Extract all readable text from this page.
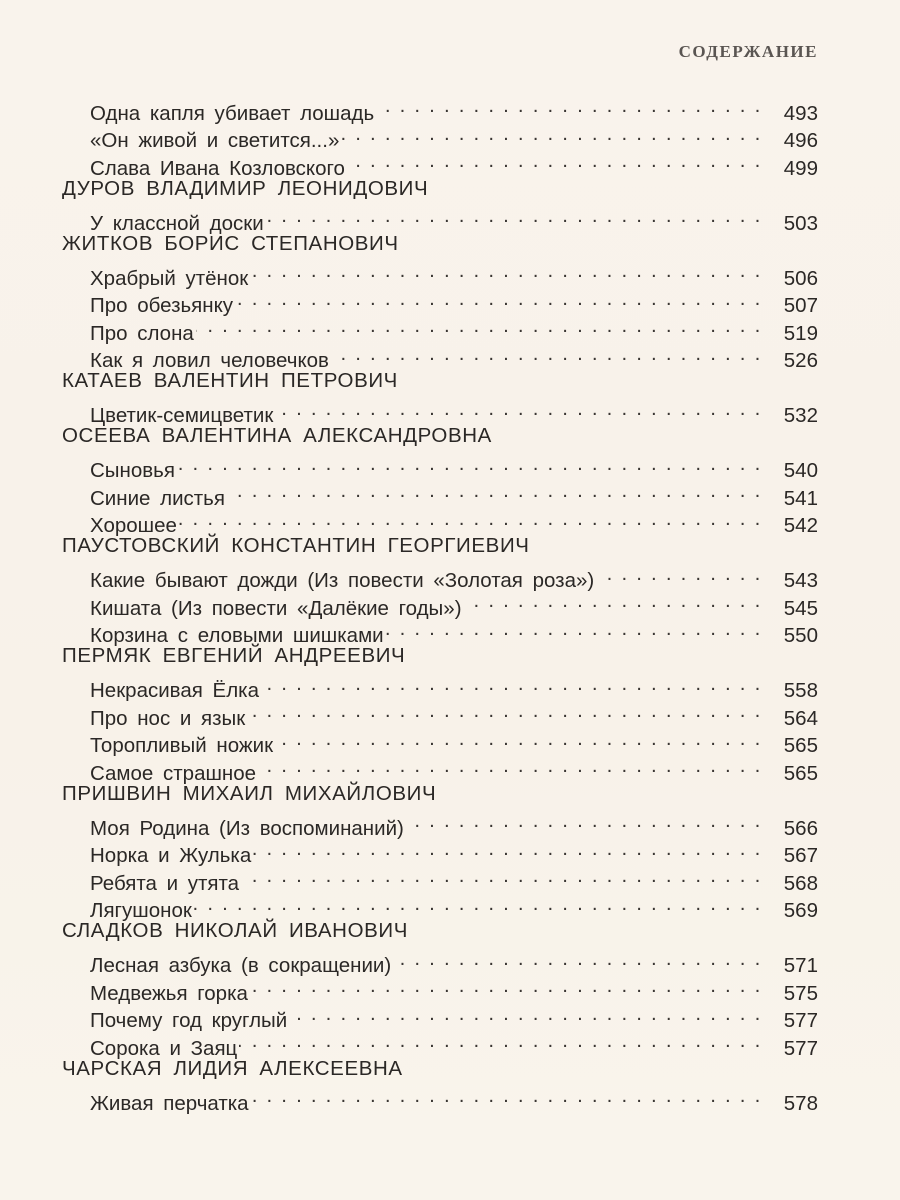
СОДЕРЖАНИЕ
Одна капля убивает лошадь . . .	493
«Он живой и светится...» . . .	496
Слава Ивана Козловского . . .	499
ДУРОВ ВЛАДИМИР ЛЕОНИДОВИЧ
У классной доски . . .	503
ЖИТКОВ БОРИС СТЕПАНОВИЧ
Храбрый утёнок . . .	506
Про обезьянку . . .	507
Про слона . . .	519
Как я ловил человечков . . .	526
КАТАЕВ ВАЛЕНТИН ПЕТРОВИЧ
Цветик-семицветик . . .	532
ОСЕЕВА ВАЛЕНТИНА АЛЕКСАНДРОВНА
Сыновья . . .	540
Синие листья . . .	541
Хорошее . . .	542
ПАУСТОВСКИЙ КОНСТАНТИН ГЕОРГИЕВИЧ
Какие бывают дожди (Из повести «Золотая роза») . . .	543
Кишата (Из повести «Далёкие годы») . . .	545
Корзина с еловыми шишками . . .	550
ПЕРМЯК ЕВГЕНИЙ АНДРЕЕВИЧ
Некрасивая Ёлка . . .	558
Про нос и язык . . .	564
Торопливый ножик . . .	565
Самое страшное . . .	565
ПРИШВИН МИХАИЛ МИХАЙЛОВИЧ
Моя Родина (Из воспоминаний) . . .	566
Норка и Жулька . . .	567
Ребята и утята . . .	568
Лягушонок . . .	569
СЛАДКОВ НИКОЛАЙ ИВАНОВИЧ
Лесная азбука (в сокращении) . . .	571
Медвежья горка . . .	575
Почему год круглый . . .	577
Сорока и Заяц . . .	577
ЧАРСКАЯ ЛИДИЯ АЛЕКСЕЕВНА
Живая перчатка . . .	578
